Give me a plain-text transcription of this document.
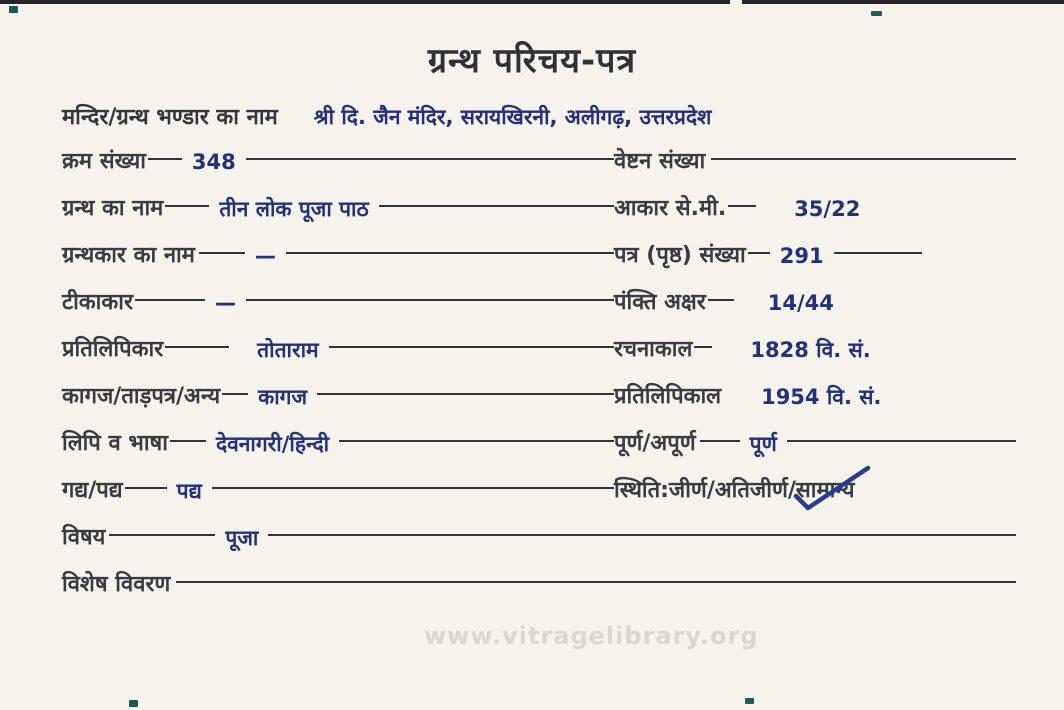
ग्रन्थ परिचय-पत्र
मन्दिर/ग्रन्थ भण्डार का नाम	श्री दि. जैन मंदिर, सरायखिरनी, अलीगढ़, उत्तरप्रदेश
क्रम संख्या	348	वेष्टन संख्या
ग्रन्थ का नाम	तीन लोक पूजा पाठ	आकार से.मी.	35/22
ग्रन्थकार का नाम	—	पत्र (पृष्ठ) संख्या	291
टीकाकार	—	पंक्ति अक्षर	14/44
प्रतिलिपिकार	तोताराम	रचनाकाल	1828 वि. सं.
कागज/ताड़पत्र/अन्य	कागज	प्रतिलिपिकाल	1954 वि. सं.
लिपि व भाषा	देवनागरी/हिन्दी	पूर्ण/अपूर्ण	पूर्ण
गद्य/पद्य	पद्य	स्थिति:जीर्ण/अतिजीर्ण/ सामान्य
विषय	पूजा
विशेष विवरण
www.vitragelibrary.org
